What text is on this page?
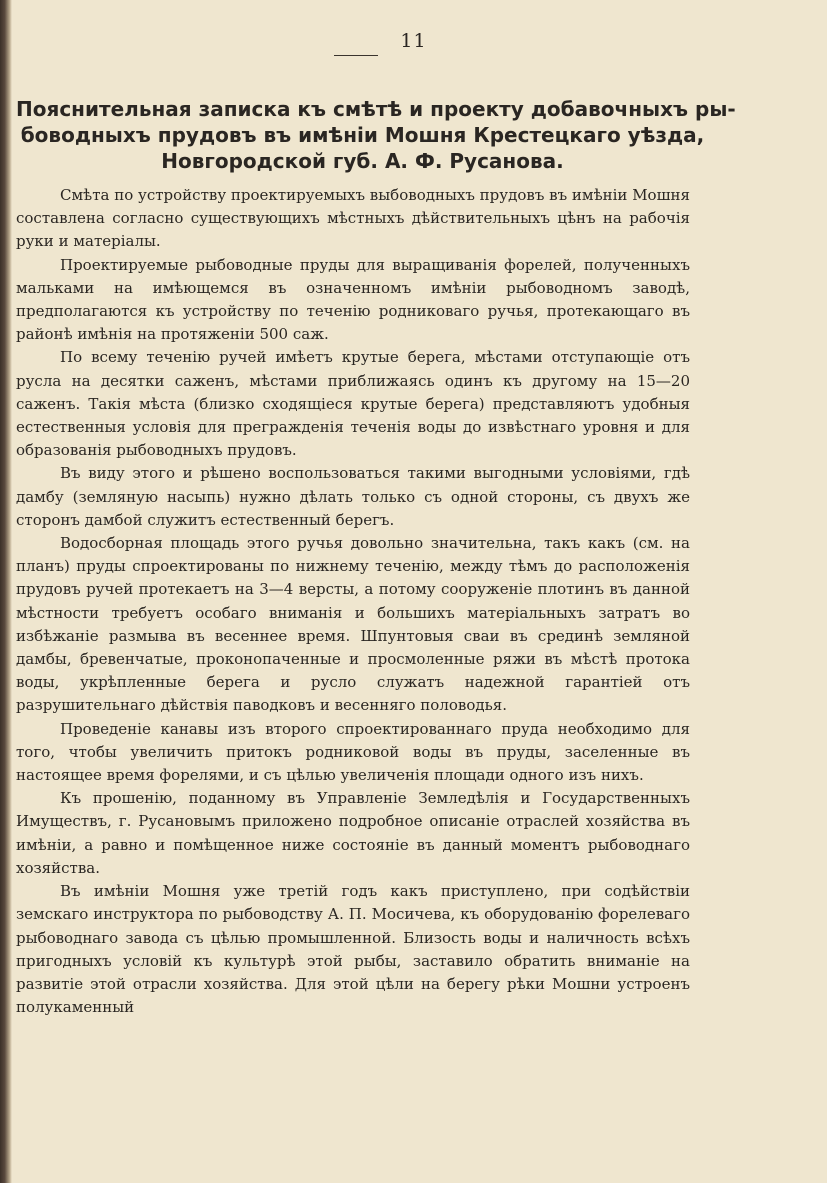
11
Пояснительная записка къ смѣтѣ и проекту добавочныхъ ры-
боводныхъ прудовъ въ имѣніи Мошня Крестецкаго уѣзда,
Новгородской губ. А. Ф. Русанова.

Смѣта по устройству проектируемыхъ выбоводныхъ прудовъ въ имѣніи Мошня составлена согласно существующихъ мѣстныхъ дѣйствительныхъ цѣнъ на рабочія руки и матеріалы.

Проектируемые рыбоводные пруды для выращиванія форелей, полученныхъ мальками на имѣющемся въ означенномъ имѣніи рыбоводномъ заводѣ, предполагаются къ устройству по теченію родниковаго ручья, протекающаго въ районѣ имѣнія на протяженіи 500 саж.

По всему теченію ручей имѣетъ крутые берега, мѣстами отступающіе отъ русла на десятки саженъ, мѣстами приближаясь одинъ къ другому на 15—20 саженъ. Такія мѣста (близко сходящіеся крутые берега) представляютъ удобныя естественныя условія для прегражденія теченія воды до извѣстнаго уровня и для образованія рыбоводныхъ прудовъ.

Въ виду этого и рѣшено воспользоваться такими выгодными условіями, гдѣ дамбу (земляную насыпь) нужно дѣлать только съ одной стороны, съ двухъ же сторонъ дамбой служитъ естественный берегъ.

Водосборная площадь этого ручья довольно значительна, такъ какъ (см. на планъ) пруды спроектированы по нижнему теченію, между тѣмъ до расположенія прудовъ ручей протекаетъ на 3—4 версты, а потому сооруженіе плотинъ въ данной мѣстности требуетъ особаго вниманія и большихъ матеріальныхъ затратъ во избѣжаніе размыва въ весеннее время. Шпунтовыя сваи въ срединѣ земляной дамбы, бревенчатые, проконопаченные и просмоленные ряжи въ мѣстѣ протока воды, укрѣпленные берега и русло служатъ надежной гарантіей отъ разрушительнаго дѣйствія паводковъ и весенняго половодья.

Проведеніе канавы изъ второго спроектированнаго пруда необходимо для того, чтобы увеличить притокъ родниковой воды въ пруды, заселенные въ настоящее время форелями, и съ цѣлью увеличенія площади одного изъ нихъ.

Къ прошенію, поданному въ Управленіе Земледѣлія и Государственныхъ Имуществъ, г. Русановымъ приложено подробное описаніе отраслей хозяйства въ имѣніи, а равно и помѣщенное ниже состояніе въ данный моментъ рыбоводнаго хозяйства.

Въ имѣніи Мошня уже третій годъ какъ приступлено, при содѣйствіи земскаго инструктора по рыбоводству А. П. Мосичева, къ оборудованію форелеваго рыбоводнаго завода съ цѣлью промышленной. Близость воды и наличность всѣхъ пригодныхъ условій къ культурѣ этой рыбы, заставило обратить вниманіе на развитіе этой отрасли хозяйства. Для этой цѣли на берегу рѣки Мошни устроенъ полукаменный
